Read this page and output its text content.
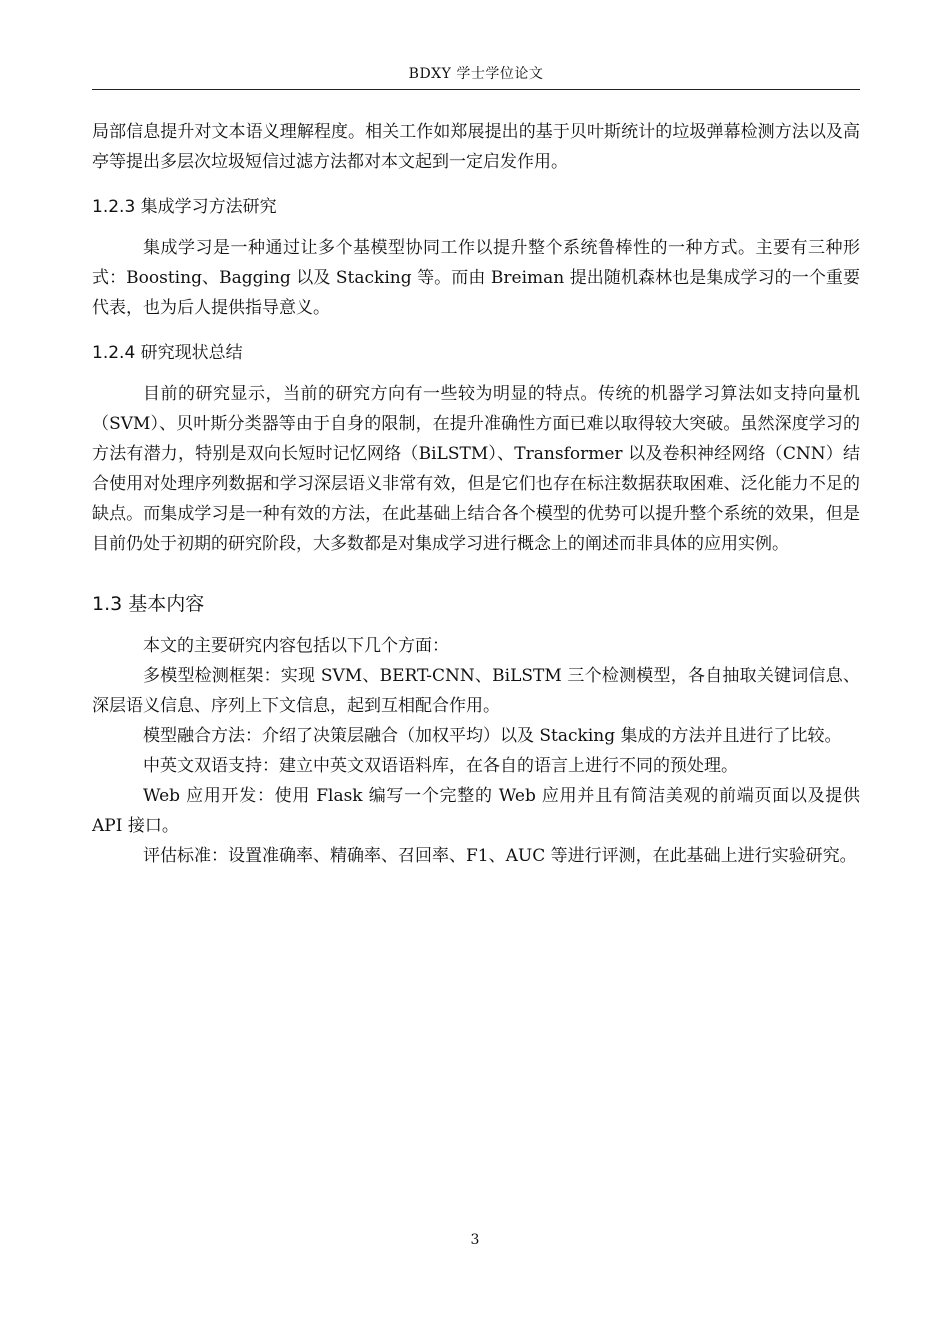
BDXY 学士学位论文

局部信息提升对文本语义理解程度。相关工作如郑展提出的基于贝叶斯统计的垃圾弹幕检测方法以及高亭等提出多层次垃圾短信过滤方法都对本文起到一定启发作用。

1.2.3 集成学习方法研究

集成学习是一种通过让多个基模型协同工作以提升整个系统鲁棒性的一种方式。主要有三种形式：Boosting、Bagging 以及 Stacking 等。而由 Breiman 提出随机森林也是集成学习的一个重要代表，也为后人提供指导意义。

1.2.4 研究现状总结

目前的研究显示，当前的研究方向有一些较为明显的特点。传统的机器学习算法如支持向量机（SVM）、贝叶斯分类器等由于自身的限制，在提升准确性方面已难以取得较大突破。虽然深度学习的方法有潜力，特别是双向长短时记忆网络（BiLSTM）、Transformer 以及卷积神经网络（CNN）结合使用对处理序列数据和学习深层语义非常有效，但是它们也存在标注数据获取困难、泛化能力不足的缺点。而集成学习是一种有效的方法，在此基础上结合各个模型的优势可以提升整个系统的效果，但是目前仍处于初期的研究阶段，大多数都是对集成学习进行概念上的阐述而非具体的应用实例。

1.3 基本内容

本文的主要研究内容包括以下几个方面：

多模型检测框架：实现 SVM、BERT-CNN、BiLSTM 三个检测模型，各自抽取关键词信息、深层语义信息、序列上下文信息，起到互相配合作用。

模型融合方法：介绍了决策层融合（加权平均）以及 Stacking 集成的方法并且进行了比较。

中英文双语支持：建立中英文双语语料库，在各自的语言上进行不同的预处理。

Web 应用开发：使用 Flask 编写一个完整的 Web 应用并且有简洁美观的前端页面以及提供 API 接口。

评估标准：设置准确率、精确率、召回率、F1、AUC 等进行评测，在此基础上进行实验研究。

3
